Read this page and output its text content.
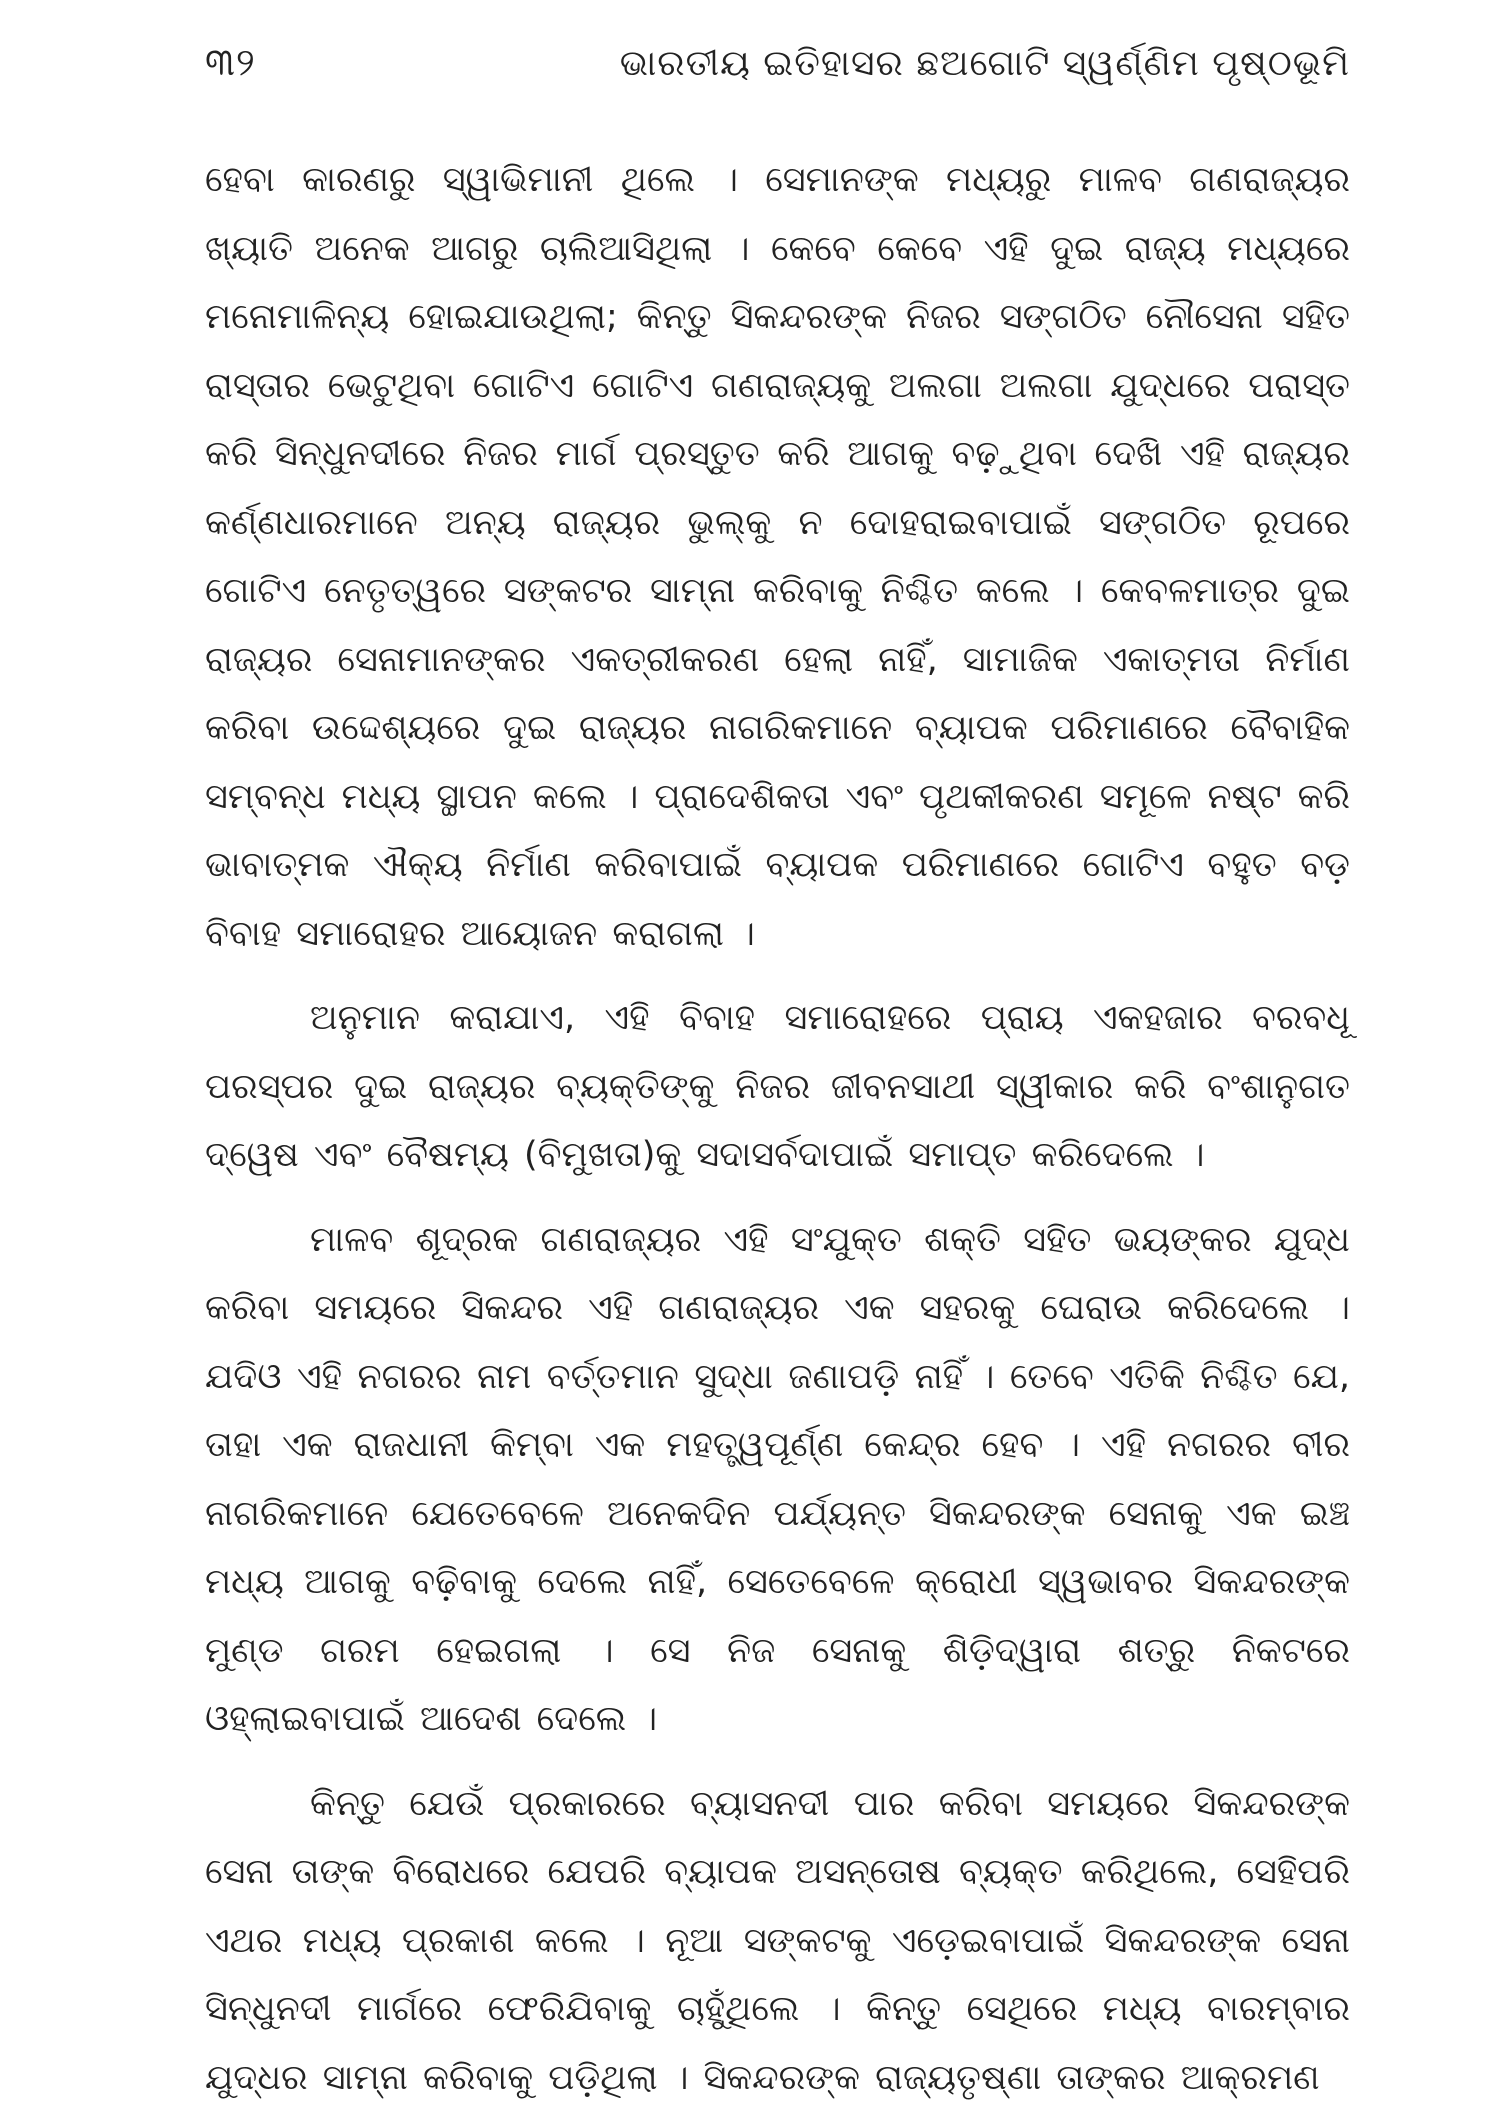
୩୨	ଭାରତୀୟ ଇତିହାସର ଛଅଗୋଟି ସ୍ୱର୍ଣ୍ଣିମ ପୃଷ୍ଠଭୂମି

ହେବା କାରଣରୁ ସ୍ୱାଭିମାନୀ ଥିଲେ । ସେମାନଙ୍କ ମଧ୍ୟରୁ ମାଳବ ଗଣରାଜ୍ୟର ଖ୍ୟାତି ଅନେକ ଆଗରୁ ଚାଲିଆସିଥିଲା । କେବେ କେବେ ଏହି ଦୁଇ ରାଜ୍ୟ ମଧ୍ୟରେ ମନୋମାଳିନ୍ୟ ହୋଇଯାଉଥିଲା; କିନ୍ତୁ ସିକନ୍ଦରଙ୍କ ନିଜର ସଙ୍ଗଠିତ ନୌସେନା ସହିତ ରାସ୍ତାର ଭେଟୁଥିବା ଗୋଟିଏ ଗୋଟିଏ ଗଣରାଜ୍ୟକୁ ଅଲଗା ଅଲଗା ଯୁଦ୍ଧରେ ପରାସ୍ତ କରି ସିନ୍ଧୁନଦୀରେ ନିଜର ମାର୍ଗ ପ୍ରସ୍ତୁତ କରି ଆଗକୁ ବଢ଼ୁଥିବା ଦେଖି ଏହି ରାଜ୍ୟର କର୍ଣ୍ଣଧାରମାନେ ଅନ୍ୟ ରାଜ୍ୟର ଭୁଲ୍‌କୁ ନ ଦୋହରାଇବାପାଇଁ ସଙ୍ଗଠିତ ରୂପରେ ଗୋଟିଏ ନେତୃତ୍ୱରେ ସଙ୍କଟର ସାମ୍ନା କରିବାକୁ ନିଶ୍ଚିତ କଲେ । କେବଳମାତ୍ର ଦୁଇ ରାଜ୍ୟର ସେନାମାନଙ୍କର ଏକତ୍ରୀକରଣ ହେଲା ନାହିଁ, ସାମାଜିକ ଏକାତ୍ମତା ନିର୍ମାଣ କରିବା ଉଦ୍ଦେଶ୍ୟରେ ଦୁଇ ରାଜ୍ୟର ନାଗରିକମାନେ ବ୍ୟାପକ ପରିମାଣରେ ବୈବାହିକ ସମ୍ବନ୍ଧ ମଧ୍ୟ ସ୍ଥାପନ କଲେ । ପ୍ରାଦେଶିକତା ଏବଂ ପୃଥକୀକରଣ ସମୂଳେ ନଷ୍ଟ କରି ଭାବାତ୍ମକ ଐକ୍ୟ ନିର୍ମାଣ କରିବାପାଇଁ ବ୍ୟାପକ ପରିମାଣରେ ଗୋଟିଏ ବହୁତ ବଡ଼ ବିବାହ ସମାରୋହର ଆୟୋଜନ କରାଗଲା ।

ଅନୁମାନ କରାଯାଏ, ଏହି ବିବାହ ସମାରୋହରେ ପ୍ରାୟ ଏକହଜାର ବରବଧୂ ପରସ୍ପର ଦୁଇ ରାଜ୍ୟର ବ୍ୟକ୍ତିଙ୍କୁ ନିଜର ଜୀବନସାଥୀ ସ୍ୱୀକାର କରି ବଂଶାନୁଗତ ଦ୍ୱେଷ ଏବଂ ବୈଷମ୍ୟ (ବିମୁଖତା)କୁ ସଦାସର୍ବଦାପାଇଁ ସମାପ୍ତ କରିଦେଲେ ।

ମାଳବ ଶୂଦ୍ରକ ଗଣରାଜ୍ୟର ଏହି ସଂଯୁକ୍ତ ଶକ୍ତି ସହିତ ଭୟଙ୍କର ଯୁଦ୍ଧ କରିବା ସମୟରେ ସିକନ୍ଦର ଏହି ଗଣରାଜ୍ୟର ଏକ ସହରକୁ ଘେରାଉ କରିଦେଲେ । ଯଦିଓ ଏହି ନଗରର ନାମ ବର୍ତ୍ତମାନ ସୁଦ୍ଧା ଜଣାପଡ଼ି ନାହିଁ । ତେବେ ଏତିକି ନିଶ୍ଚିତ ଯେ, ତାହା ଏକ ରାଜଧାନୀ କିମ୍ବା ଏକ ମହତ୍ତ୍ୱପୂର୍ଣ୍ଣ କେନ୍ଦ୍ର ହେବ । ଏହି ନଗରର ବୀର ନାଗରିକମାନେ ଯେତେବେଳେ ଅନେକଦିନ ପର୍ଯ୍ୟନ୍ତ ସିକନ୍ଦରଙ୍କ ସେନାକୁ ଏକ ଇଞ୍ଚ ମଧ୍ୟ ଆଗକୁ ବଢ଼ିବାକୁ ଦେଲେ ନାହିଁ, ସେତେବେଳେ କ୍ରୋଧୀ ସ୍ୱଭାବର ସିକନ୍ଦରଙ୍କ ମୁଣ୍ଡ ଗରମ ହେଇଗଲା । ସେ ନିଜ ସେନାକୁ ଶିଡ଼ିଦ୍ୱାରା ଶତ୍ରୁ ନିକଟରେ ଓହ୍ଲାଇବାପାଇଁ ଆଦେଶ ଦେଲେ ।

କିନ୍ତୁ ଯେଉଁ ପ୍ରକାରରେ ବ୍ୟାସନଦୀ ପାର କରିବା ସମୟରେ ସିକନ୍ଦରଙ୍କ ସେନା ତାଙ୍କ ବିରୋଧରେ ଯେପରି ବ୍ୟାପକ ଅସନ୍ତୋଷ ବ୍ୟକ୍ତ କରିଥିଲେ, ସେହିପରି ଏଥର ମଧ୍ୟ ପ୍ରକାଶ କଲେ । ନୂଆ ସଙ୍କଟକୁ ଏଡ଼େଇବାପାଇଁ ସିକନ୍ଦରଙ୍କ ସେନା ସିନ୍ଧୁନଦୀ ମାର୍ଗରେ ଫେରିଯିବାକୁ ଚାହୁଁଥିଲେ । କିନ୍ତୁ ସେଥିରେ ମଧ୍ୟ ବାରମ୍ବାର ଯୁଦ୍ଧର ସାମ୍ନା କରିବାକୁ ପଡ଼ିଥିଲା । ସିକନ୍ଦରଙ୍କ ରାଜ୍ୟତୃଷ୍ଣା ତାଙ୍କର ଆକ୍ରମଣ
